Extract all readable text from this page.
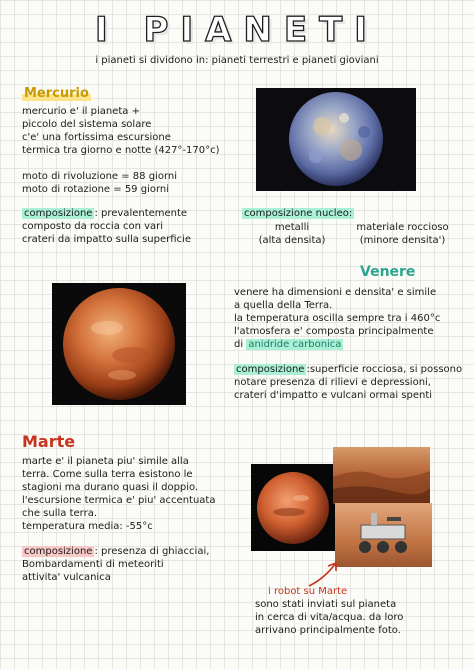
I PIANETI
i pianeti si dividono in: pianeti terrestri e pianeti gioviani
Mercurio
mercurio e' il pianeta +
piccolo del sistema solare
c'e' una fortissima escursione
termica tra giorno e notte (427°-170°c)
moto di rivoluzione = 88 giorni
moto di rotazione = 59 giorni
composizione : prevalentemente
composto da roccia con vari
crateri da impatto sulla superficie
composizione nucleo:
metalli
(alta densita)
materiale roccioso
(minore densita')
Venere
venere ha dimensioni e densita' e simile
a quella della Terra.
la temperatura oscilla sempre tra i 460°c
l'atmosfera e' composta principalmente
di anidride carbonica
composizione :superficie rocciosa, si possono
notare presenza di rilievi e depressioni,
crateri d'impatto e vulcani ormai spenti
Marte
marte e' il pianeta piu' simile alla
terra. Come sulla terra esistono le
stagioni ma durano quasi il doppio.
l'escursione termica e' piu' accentuata
che sulla terra.
temperatura media: -55°c
composizione : presenza di ghiacciai,
Bombardamenti di meteoriti
attivita' vulcanica
i robot su Marte
sono stati inviati sul pianeta
in cerca di vita/acqua. da loro
arrivano principalmente foto.
